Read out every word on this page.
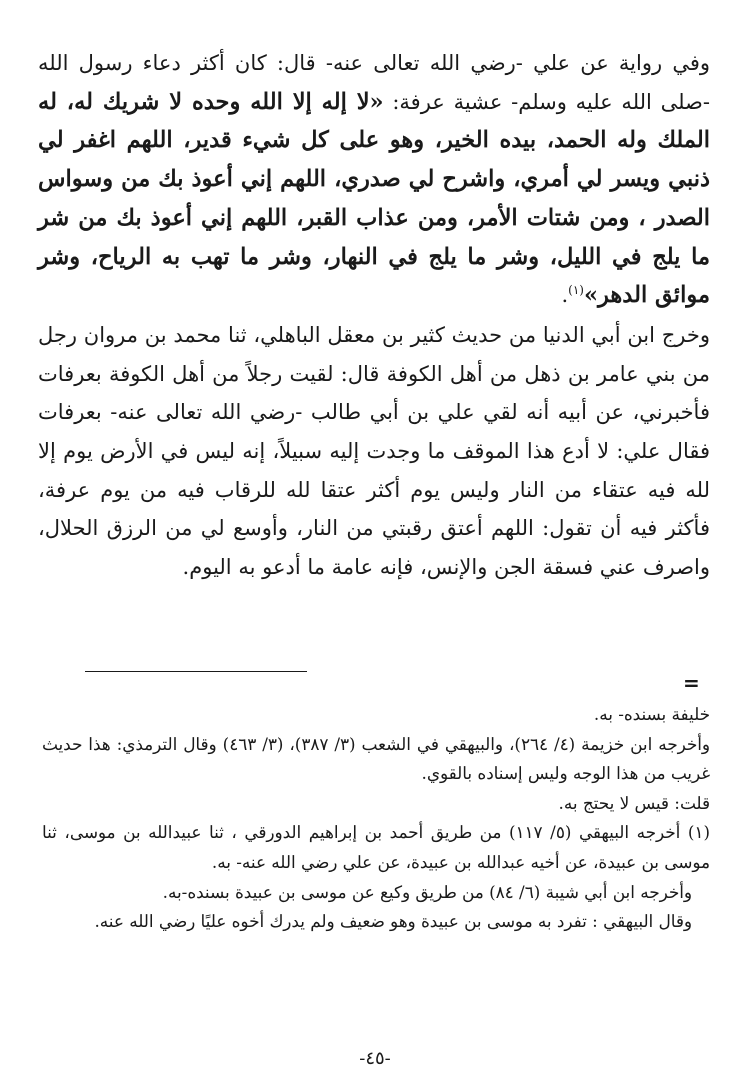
وفي رواية عن علي -رضي الله تعالى عنه- قال: كان أكثر دعاء رسول الله -صلى الله عليه وسلم- عشية عرفة: «لا إله إلا الله وحده لا شريك له، له الملك وله الحمد، بيده الخير، وهو على كل شيء قدير، اللهم اغفر لي ذنبي ويسر لي أمري، واشرح لي صدري، اللهم إني أعوذ بك من وسواس الصدر ، ومن شتات الأمر، ومن عذاب القبر، اللهم إني أعوذ بك من شر ما يلج في الليل، وشر ما يلج في النهار، وشر ما تهب به الرياح، وشر موائق الدهر»$^{(١)}$.

وخرج ابن أبي الدنيا من حديث كثير بن معقل الباهلي، ثنا محمد بن مروان رجل من بني عامر بن ذهل من أهل الكوفة قال: لقيت رجلاً من أهل الكوفة بعرفات فأخبرني، عن أبيه أنه لقي علي بن أبي طالب -رضي الله تعالى عنه- بعرفات فقال علي: لا أدع هذا الموقف ما وجدت إليه سبيلاً، إنه ليس في الأرض يوم إلا لله فيه عتقاء من النار وليس يوم أكثر عتقا لله للرقاب فيه من يوم عرفة، فأكثر فيه أن تقول: اللهم أعتق رقبتي من النار، وأوسع لي من الرزق الحلال، واصرف عني فسقة الجن والإنس، فإنه عامة ما أدعو به اليوم.

=

خليفة بسنده- به.

وأخرجه ابن خزيمة (٤/ ٢٦٤)، والبيهقي في الشعب (٣/ ٣٨٧)، (٣/ ٤٦٣) وقال الترمذي: هذا حديث غريب من هذا الوجه وليس إسناده بالقوي.

قلت: قيس لا يحتج به.

(١) أخرجه البيهقي (٥/ ١١٧) من طريق أحمد بن إبراهيم الدورقي ، ثنا عبيدالله بن موسى، ثنا موسى بن عبيدة، عن أخيه عبدالله بن عبيدة، عن علي رضي الله عنه- به.

وأخرجه ابن أبي شيبة (٦/ ٨٤) من طريق وكيع عن موسى بن عبيدة بسنده-به.

وقال البيهقي : تفرد به موسى بن عبيدة وهو ضعيف ولم يدرك أخوه عليًا رضي الله عنه.

-٤٥-
